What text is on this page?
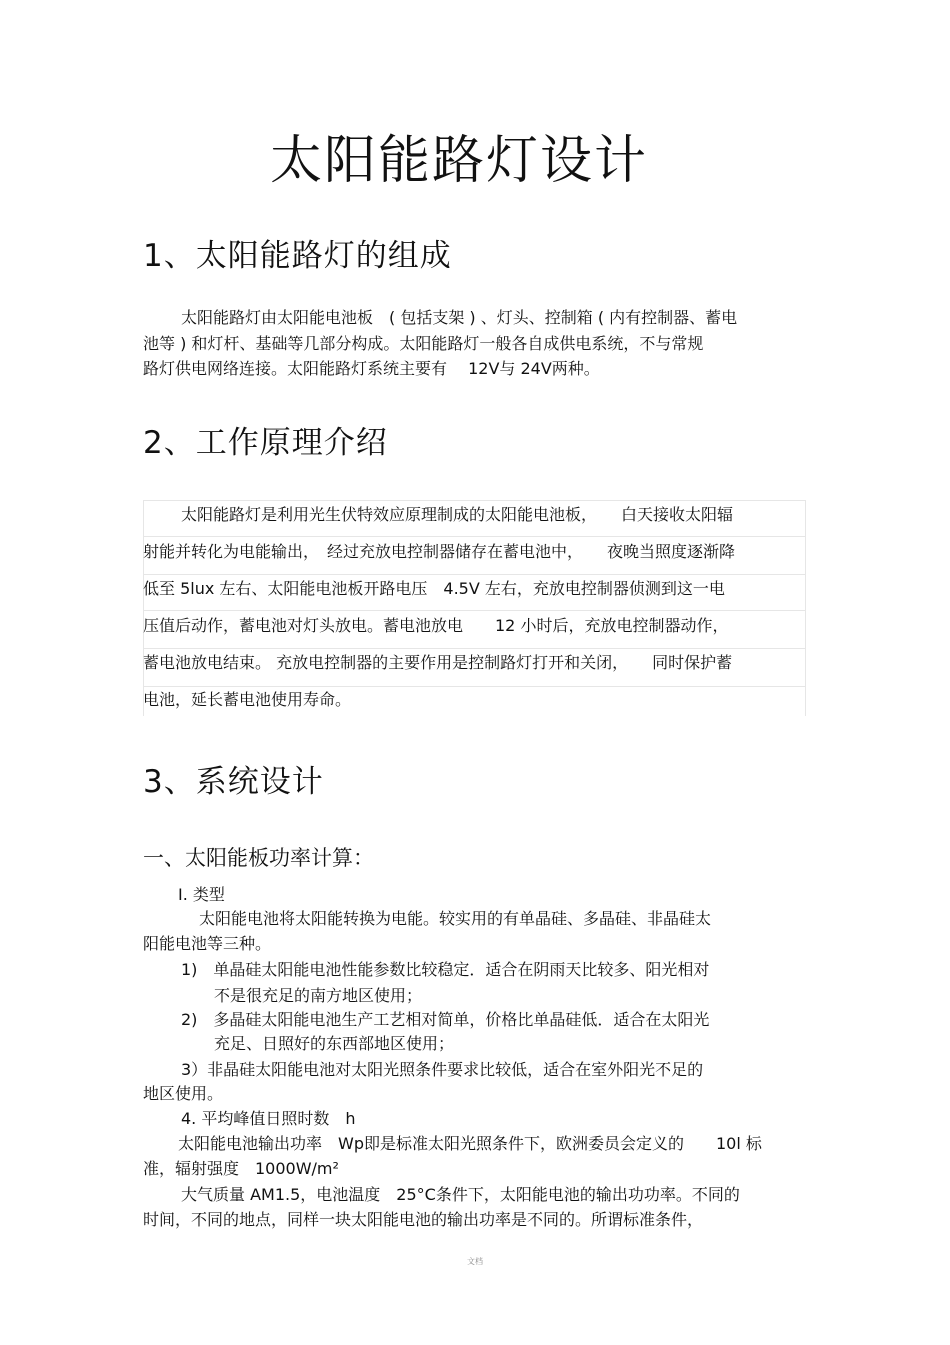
太阳能路灯设计
1、太阳能路灯的组成
太阳能路灯由太阳能电池板　( 包括支架 ) 、灯头、控制箱 ( 内有控制器、蓄电
池等 ) 和灯杆、基础等几部分构成。太阳能路灯一般各自成供电系统，不与常规
路灯供电网络连接。太阳能路灯系统主要有　 12V与 24V两种。
2、工作原理介绍
太阳能路灯是利用光生伏特效应原理制成的太阳能电池板，　　白天接收太阳辐
射能并转化为电能输出，　经过充放电控制器储存在蓄电池中，　　夜晚当照度逐渐降
低至 5lux 左右、太阳能电池板开路电压　4.5V 左右，充放电控制器侦测到这一电
压值后动作，蓄电池对灯头放电。蓄电池放电　　12 小时后，充放电控制器动作，
蓄电池放电结束。 充放电控制器的主要作用是控制路灯打开和关闭，　　同时保护蓄
电池，延长蓄电池使用寿命。
3、系统设计
一、太阳能板功率计算：
Ⅰ. 类型
太阳能电池将太阳能转换为电能。较实用的有单晶硅、多晶硅、非晶硅太
阳能电池等三种。
1)　单晶硅太阳能电池性能参数比较稳定．适合在阴雨天比较多、阳光相对
不是很充足的南方地区使用；
2)　多晶硅太阳能电池生产工艺相对简单，价格比单晶硅低．适合在太阳光
充足、日照好的东西部地区使用；
3）非晶硅太阳能电池对太阳光照条件要求比较低，适合在室外阳光不足的
地区使用。
4. 平均峰值日照时数　h
太阳能电池输出功率　Wp即是标准太阳光照条件下，欧洲委员会定义的　　10l 标
准，辐射强度　1000W/m²
大气质量 AM1.5，电池温度　25°C条件下，太阳能电池的输出功功率。不同的
时间，不同的地点，同样一块太阳能电池的输出功率是不同的。所谓标准条件，
文档
